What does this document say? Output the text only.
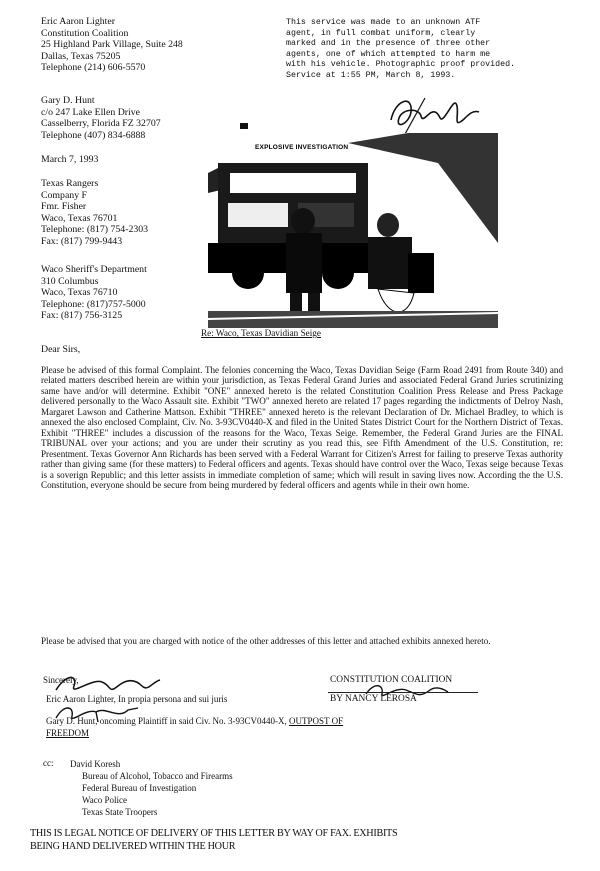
Eric Aaron Lighter
Constitution Coalition
25 Highland Park Village, Suite 248
Dallas, Texas 75205
Telephone (214) 606-5570
This service was made to an unknown ATF
agent, in full combat uniform, clearly
marked and in the presence of three other
agents, one of which attempted to harm me
with his vehicle. Photographic proof provided.
Service at 1:55 PM, March 8, 1993.
Gary D. Hunt
c/o 247 Lake Ellen Drive
Casselberry, Florida FZ 32707
Telephone (407) 834-6888
March 7, 1993
Texas Rangers
Company F
Fmr. Fisher
Waco, Texas 76701
Telephone: (817) 754-2303
Fax: (817) 799-9443
Waco Sheriff's Department
310 Columbus
Waco, Texas 76710
Telephone: (817)757-5000
Fax: (817) 756-3125
EXPLOSIVE INVESTIGATION
Re: Waco, Texas Davidian Seige
Dear Sirs,
Please be advised of this formal Complaint. The felonies concerning the Waco, Texas Davidian Seige (Farm Road 2491 from Route 340) and related matters described herein are within your jurisdiction, as Texas Federal Grand Juries and associated Federal Grand Juries scrutinizing same have and/or will determine. Exhibit "ONE" annexed hereto is the related Constitution Coalition Press Release and Press Package delivered personally to the Waco Assault site. Exhibit "TWO" annexed hereto are related 17 pages regarding the indictments of Delroy Nash, Margaret Lawson and Catherine Mattson. Exhibit "THREE" annexed hereto is the relevant Declaration of Dr. Michael Bradley, to which is annexed the also enclosed Complaint, Civ. No. 3-93CV0440-X and filed in the United States District Court for the Northern District of Texas. Exhibit "THREE" includes a discussion of the reasons for the Waco, Texas Seige. Remember, the Federal Grand Juries are the FINAL TRIBUNAL over your actions; and you are under their scrutiny as you read this, see Fifth Amendment of the U.S. Constitution, re: Presentment. Texas Governor Ann Richards has been served with a Federal Warrant for Citizen's Arrest for failing to preserve Texas authority rather than giving same (for these matters) to Federal officers and agents. Texas should have control over the Waco, Texas seige because Texas is a soverign Republic; and this letter assists in immediate completion of same; which will result in saving lives now. According the the U.S. Constitution, everyone should be secure from being murdered by federal officers and agents while in their own home.
Please be advised that you are charged with notice of the other addresses of this letter and attached exhibits annexed hereto.
Sincerely,
Eric Aaron Lighter, In propia persona and sui juris
Gary D. Hunt, oncoming Plaintiff in said Civ. No. 3-93CV0440-X, OUTPOST OF
FREEDOM
CONSTITUTION COALITION
BY NANCY LEROSA
cc: David Koresh
Bureau of Alcohol, Tobacco and Firearms
Federal Bureau of Investigation
Waco Police
Texas State Troopers
THIS IS LEGAL NOTICE OF DELIVERY OF THIS LETTER BY WAY OF FAX. EXHIBITS
BEING HAND DELIVERED WITHIN THE HOUR
